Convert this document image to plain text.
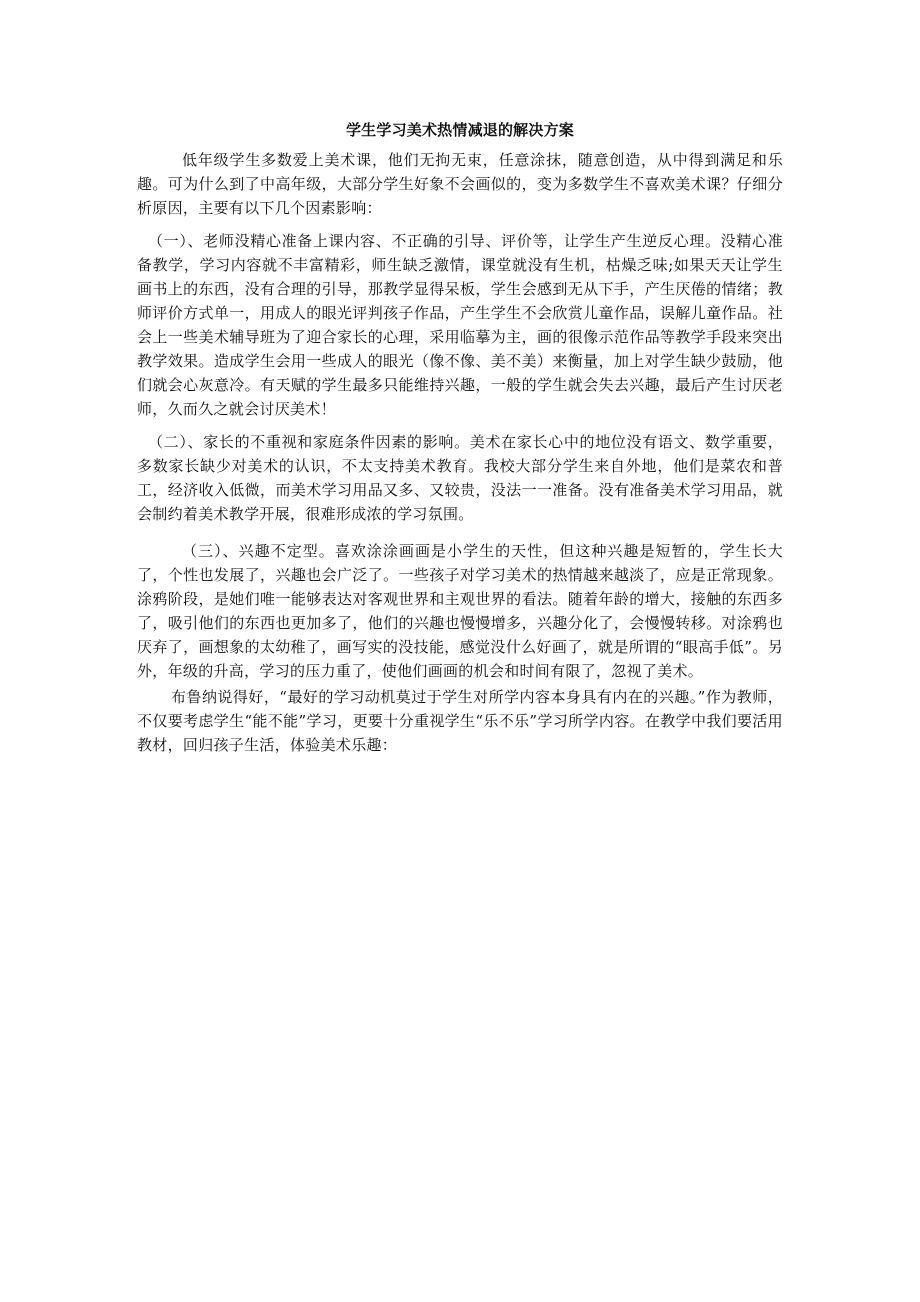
学生学习美术热情减退的解决方案

低年级学生多数爱上美术课，他们无拘无束，任意涂抹，随意创造，从中得到满足和乐趣。可为什么到了中高年级，大部分学生好象不会画似的，变为多数学生不喜欢美术课？仔细分析原因，主要有以下几个因素影响：

（一）、老师没精心准备上课内容、不正确的引导、评价等，让学生产生逆反心理。没精心准备教学，学习内容就不丰富精彩，师生缺乏激情，课堂就没有生机，枯燥乏味;如果天天让学生画书上的东西，没有合理的引导，那教学显得呆板，学生会感到无从下手，产生厌倦的情绪；教师评价方式单一，用成人的眼光评判孩子作品，产生学生不会欣赏儿童作品，误解儿童作品。社会上一些美术辅导班为了迎合家长的心理，采用临摹为主，画的很像示范作品等教学手段来突出教学效果。造成学生会用一些成人的眼光（像不像、美不美）来衡量，加上对学生缺少鼓励，他们就会心灰意冷。有天赋的学生最多只能维持兴趣，一般的学生就会失去兴趣，最后产生讨厌老师，久而久之就会讨厌美术！

（二）、家长的不重视和家庭条件因素的影响。美术在家长心中的地位没有语文、数学重要，多数家长缺少对美术的认识，不太支持美术教育。我校大部分学生来自外地，他们是菜农和普工，经济收入低微，而美术学习用品又多、又较贵，没法一一准备。没有准备美术学习用品，就会制约着美术教学开展，很难形成浓的学习氛围。

（三）、兴趣不定型。喜欢涂涂画画是小学生的天性，但这种兴趣是短暂的，学生长大了，个性也发展了，兴趣也会广泛了。一些孩子对学习美术的热情越来越淡了，应是正常现象。涂鸦阶段，是她们唯一能够表达对客观世界和主观世界的看法。随着年龄的增大，接触的东西多了，吸引他们的东西也更加多了，他们的兴趣也慢慢增多，兴趣分化了，会慢慢转移。对涂鸦也厌弃了，画想象的太幼稚了，画写实的没技能，感觉没什么好画了，就是所谓的“眼高手低”。另外，年级的升高，学习的压力重了，使他们画画的机会和时间有限了，忽视了美术。

布鲁纳说得好，“最好的学习动机莫过于学生对所学内容本身具有内在的兴趣。”作为教师，不仅要考虑学生“能不能”学习，更要十分重视学生“乐不乐”学习所学内容。在教学中我们要活用教材，回归孩子生活，体验美术乐趣：
